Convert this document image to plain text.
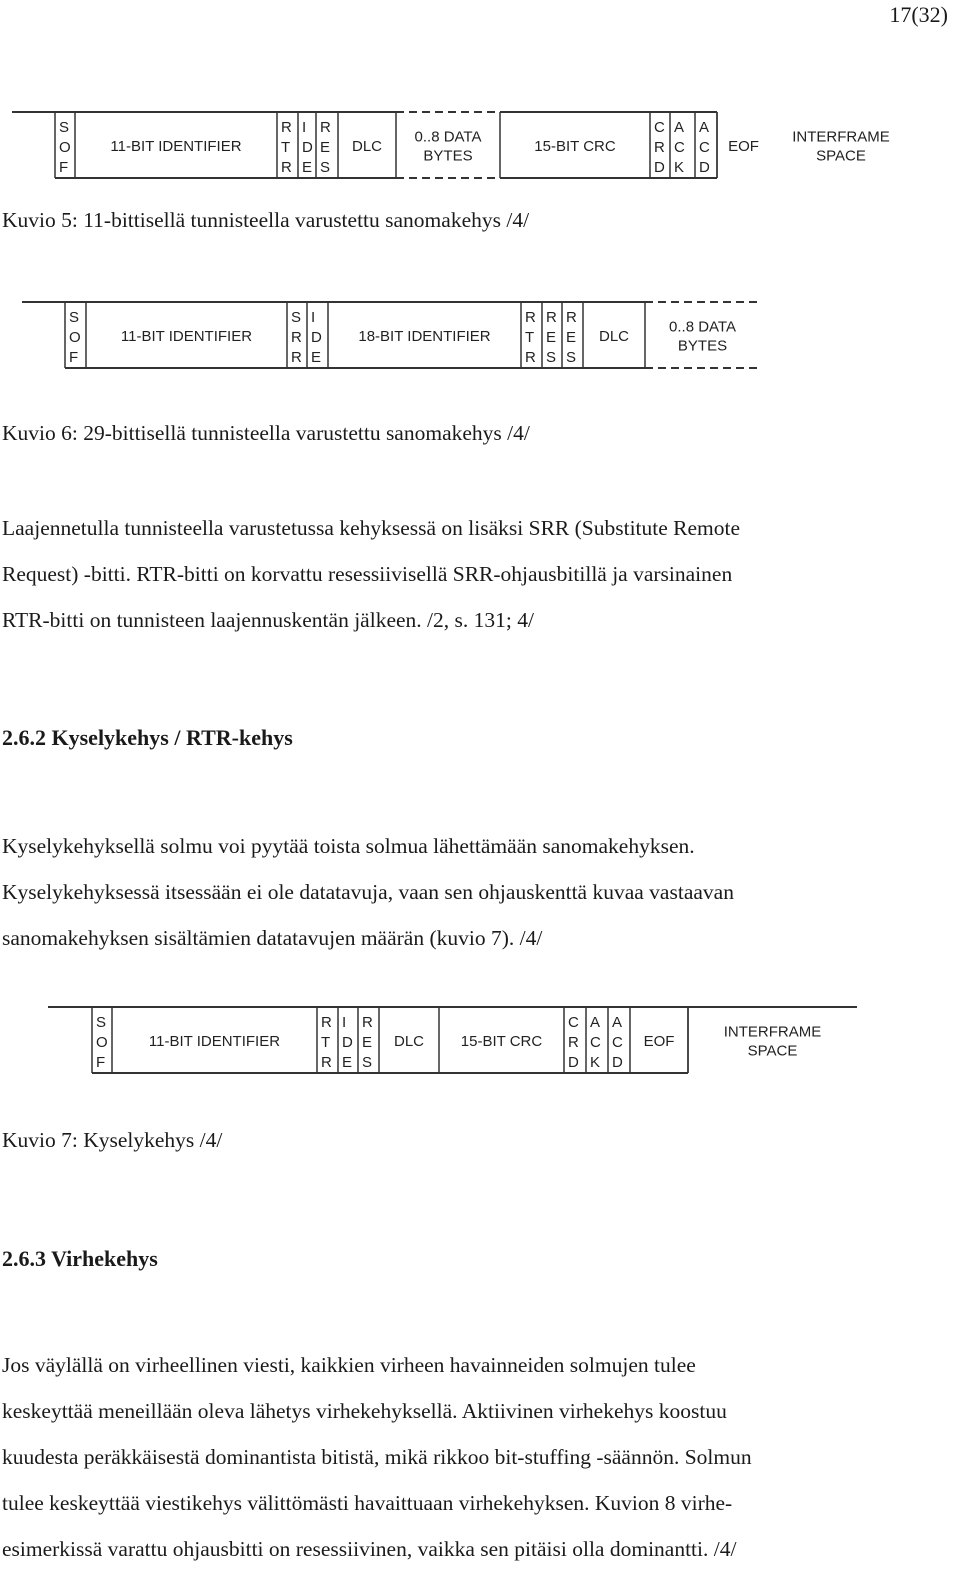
17(32)
S
O
F
11-BIT IDENTIFIER
R
T
R
I
D
E
R
E
S
DLC
0..8 DATA
BYTES
15-BIT CRC
C
R
D
A
C
K
A
C
D
EOF
INTERFRAME
SPACE

Kuvio 5: 11-bittisellä tunnisteella varustettu sanomakehys /4/

S
O
F
11-BIT IDENTIFIER
S
R
R
I
D
E
18-BIT IDENTIFIER
R
T
R
R
E
S
R
E
S
DLC
0..8 DATA
BYTES

Kuvio 6: 29-bittisellä tunnisteella varustettu sanomakehys /4/

Laajennetulla tunnisteella varustetussa kehyksessä on lisäksi SRR (Substitute Remote
Request) -bitti. RTR-bitti on korvattu resessiivisellä SRR-ohjausbitillä ja varsinainen
RTR-bitti on tunnisteen laajennuskentän jälkeen. /2, s. 131; 4/
2.6.2 Kyselykehys / RTR-kehys
Kyselykehyksellä solmu voi pyytää toista solmua lähettämään sanomakehyksen.
Kyselykehyksessä itsessään ei ole datatavuja, vaan sen ohjauskenttä kuvaa vastaavan
sanomakehyksen sisältämien datatavujen määrän (kuvio 7). /4/
S
O
F
11-BIT IDENTIFIER
R
T
R
I
D
E
R
E
S
DLC 15-BIT CRC
C
R
D
A
C
K
A
C
D
EOF
INTERFRAME
SPACE

Kuvio 7: Kyselykehys /4/

2.6.3 Virhekehys
Jos väylällä on virheellinen viesti, kaikkien virheen havainneiden solmujen tulee
keskeyttää meneillään oleva lähetys virhekehyksellä. Aktiivinen virhekehys koostuu
kuudesta peräkkäisestä dominantista bitistä, mikä rikkoo bit-stuffing -säännön. Solmun
tulee keskeyttää viestikehys välittömästi havaittuaan virhekehyksen. Kuvion 8 virhe-
esimerkissä varattu ohjausbitti on resessiivinen, vaikka sen pitäisi olla dominantti. /4/
